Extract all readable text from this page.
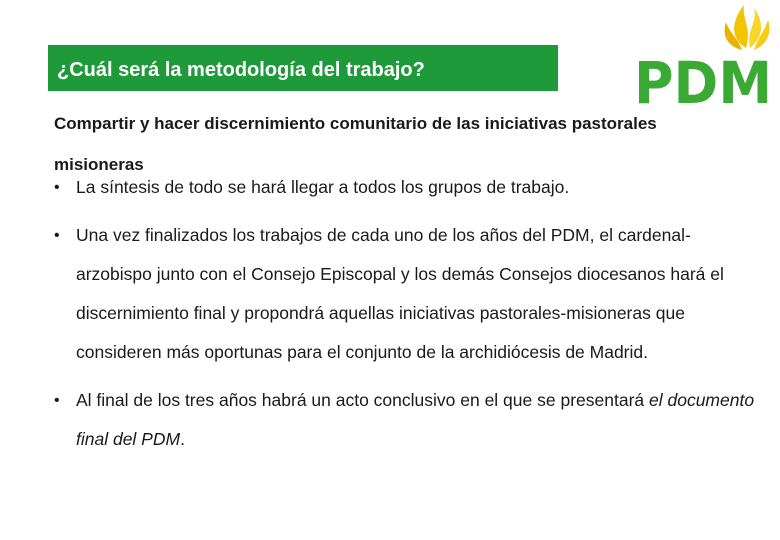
¿Cuál será la metodología del trabajo?	PDM
Compartir y hacer discernimiento comunitario de las iniciativas pastorales misioneras
• La síntesis de todo se hará llegar a todos los grupos de trabajo.
• Una vez finalizados los trabajos de cada uno de los años del PDM, el cardenal-arzobispo junto con el Consejo Episcopal y los demás Consejos diocesanos hará el discernimiento final y propondrá aquellas iniciativas pastorales-misioneras que consideren más oportunas para el conjunto de la archidiócesis de Madrid.
• Al final de los tres años habrá un acto conclusivo en el que se presentará el documento final del PDM.
